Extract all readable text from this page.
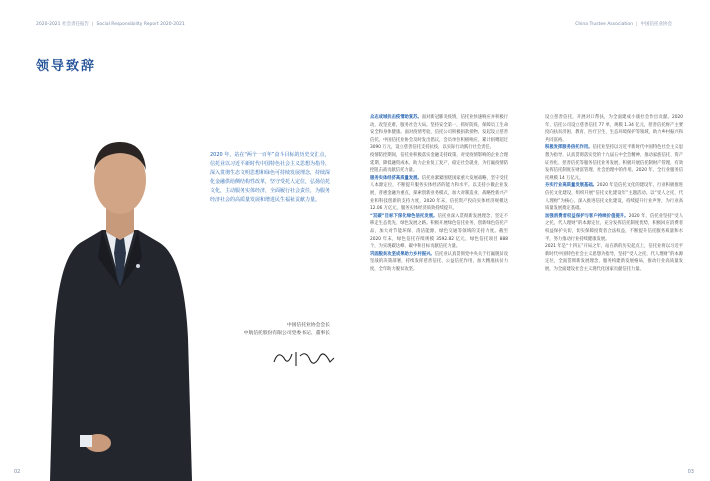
2020-2021 社会责任报告 | Social Responsibility Report 2020-2021	China Trustee Association | 中国信托业协会
领导致辞
2020 年，站在“两个一百年”奋斗目标的历史交汇点，信托业以习近平新时代中国特色社会主义思想为指导，深入贯彻生态文明思想和绿色可持续发展理念，持续深化金融供给侧结构性改革，坚守受托人定位，弘扬信托文化，主动服务实体经济，全面履行社会责任，为服务经济社会的高质量发展和增进民生福祉贡献力量。
中国信托业协会会长
中航信托股份有限公司党委书记、董事长

众志成城抗击疫情助复苏。面对新冠肺炎疫情，信托业快速响应并积极行动，攻坚克难，服务社会大局。坚持安全第一，抓好防疫，保障员工生命安全和身体健康。面对疫情考验，信托公司积极捐款捐物，发起设立慈善信托。中国信托业协会及时发出倡议，会员单位积极响应，累计捐赠超过 3090 万元，设立慈善信托支持抗疫，以实际行动践行社会责任。

疫情防控期间，信托业积极落实金融支持政策，对受疫情影响的企业合理延期、降低融资成本，助力企业复工复产，稳定社会就业，为打赢疫情防控阻击战贡献信托力量。

服务实体经济高质量发展。信托业紧紧围绕国家重大发展战略，坚守受托人本源定位，不断提升服务实体经济的能力和水平。以支持小微企业发展、普惠金融为重点，探索创新业务模式，加大对制造业、战略性新兴产业和科技创新的支持力度，2020 年末，信托资产投向实体经济规模达 12.06 万亿元，服务实体经济质效持续提升。

“双碳”目标下深化绿色信托发展。信托业深入贯彻新发展理念，坚定不移走生态优先、绿色发展之路。积极开展绿色信托业务，创新绿色信托产品，加大对节能环保、清洁能源、绿色交通等领域的支持力度。截至 2020 年末，绿色信托存续规模 3592.82 亿元，绿色信托项目 888 个，为实现碳达峰、碳中和目标贡献信托力量。

巩固脱贫攻坚成果助力乡村振兴。信托业认真贯彻党中央关于打赢脱贫攻坚战的决策部署，持续发挥慈善信托、公益信托作用，加大精准扶贫力度，全年助力脱贫攻坚。

设立慈善信托，开展对口帮扶，为全面建成小康社会作出贡献。2020 年，信托公司设立慈善信托 77 单，规模 1.34 亿元，慈善信托财产主要投向扶贫济困、教育、医疗卫生、生态环境保护等领域，助力乡村振兴和共同富裕。

积极发挥服务信托作用。信托业坚持以习近平新时代中国特色社会主义思想为指导，认真贯彻落实党的十九届五中全会精神，推动家族信托、资产证券化、慈善信托等服务信托业务发展，积极开展信托制财产管理，有效发挥信托制度在财富管理、社会治理中的作用。2020 年，全行业服务信托规模 14 万亿元。

夯实行业高质量发展基础。2020 年是信托文化的建设年，行业积极推进信托文化建设，组织开展“信托文化建设年”主题活动。以“受人之托、代人理财”为核心，深入推进信托文化建设，持续提升行业声誉，为行业高质量发展奠定基础。

加强消费者权益保护与客户持续价值提升。2020 年，信托业坚持“受人之托，代人理财”的本源定位，充分发挥信托制度优势，积极回应消费者权益保护关切，切实保障投资者合法权益，不断提升信托服务质量和水平，努力推动行业持续健康发展。

2021 年是“十四五”开局之年，站在新的历史起点上，信托业将以习近平新时代中国特色社会主义思想为指导，坚持“受人之托、代人理财”的本源定位，全面贯彻新发展理念，服务构建新发展格局，推动行业高质量发展，为全面建设社会主义现代化国家贡献信托力量。

02	03
